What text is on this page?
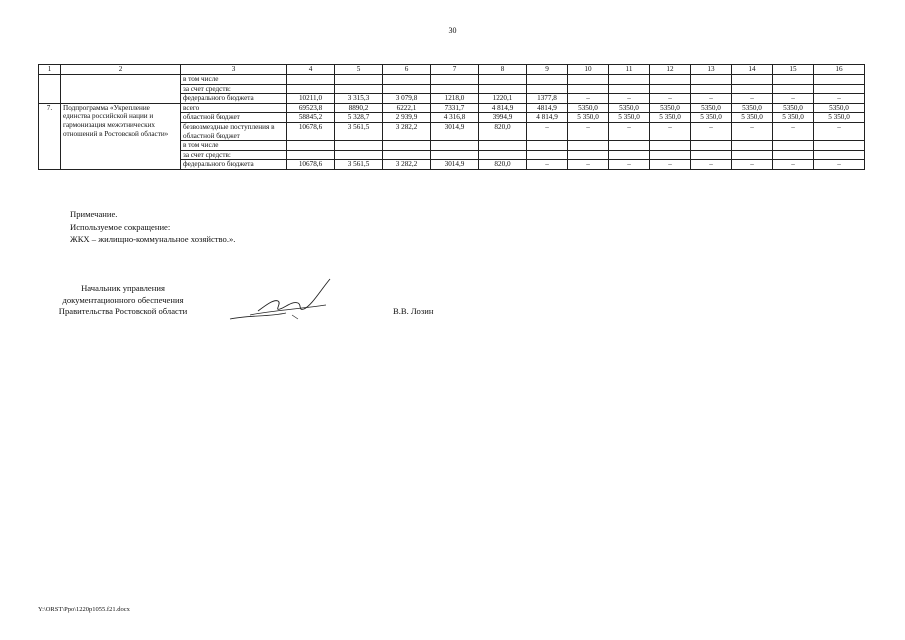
30
1	2	3	4	5	6	7	8	9	10	11	12	13	14	15	16
		в том числе													
		за счет средств:													
		федерального бюджета	10211,0	3 315,3	3 079,8	1218,0	1220,1	1377,8	–	–	–	–	–	–	–
7.	Подпрограмма «Укрепление единства российской нации и гармонизация межэтнических отношений в Ростовской области»	всего	69523,8	8890,2	6222,1	7331,7	4 814,9	4814,9	5350,0	5350,0	5350,0	5350,0	5350,0	5350,0	5350,0
		областной бюджет	58845,2	5 328,7	2 939,9	4 316,8	3994,9	4 814,9	5 350,0	5 350,0	5 350,0	5 350,0	5 350,0	5 350,0	5 350,0
		безвозмездные поступления в областной бюджет	10678,6	3 561,5	3 282,2	3014,9	820,0	–	–	–	–	–	–	–	–
		в том числе													
		за счет средств:													
		федерального бюджета	10678,6	3 561,5	3 282,2	3014,9	820,0	–	–	–	–	–	–	–	–
Примечание.
Используемое сокращение:
ЖКХ – жилищно-коммунальное хозяйство.».
Начальник управления
документационного обеспечения
Правительства Ростовской области	В.В. Лозин
Y:\ORST\Ppo\1220p1055.f21.docx
